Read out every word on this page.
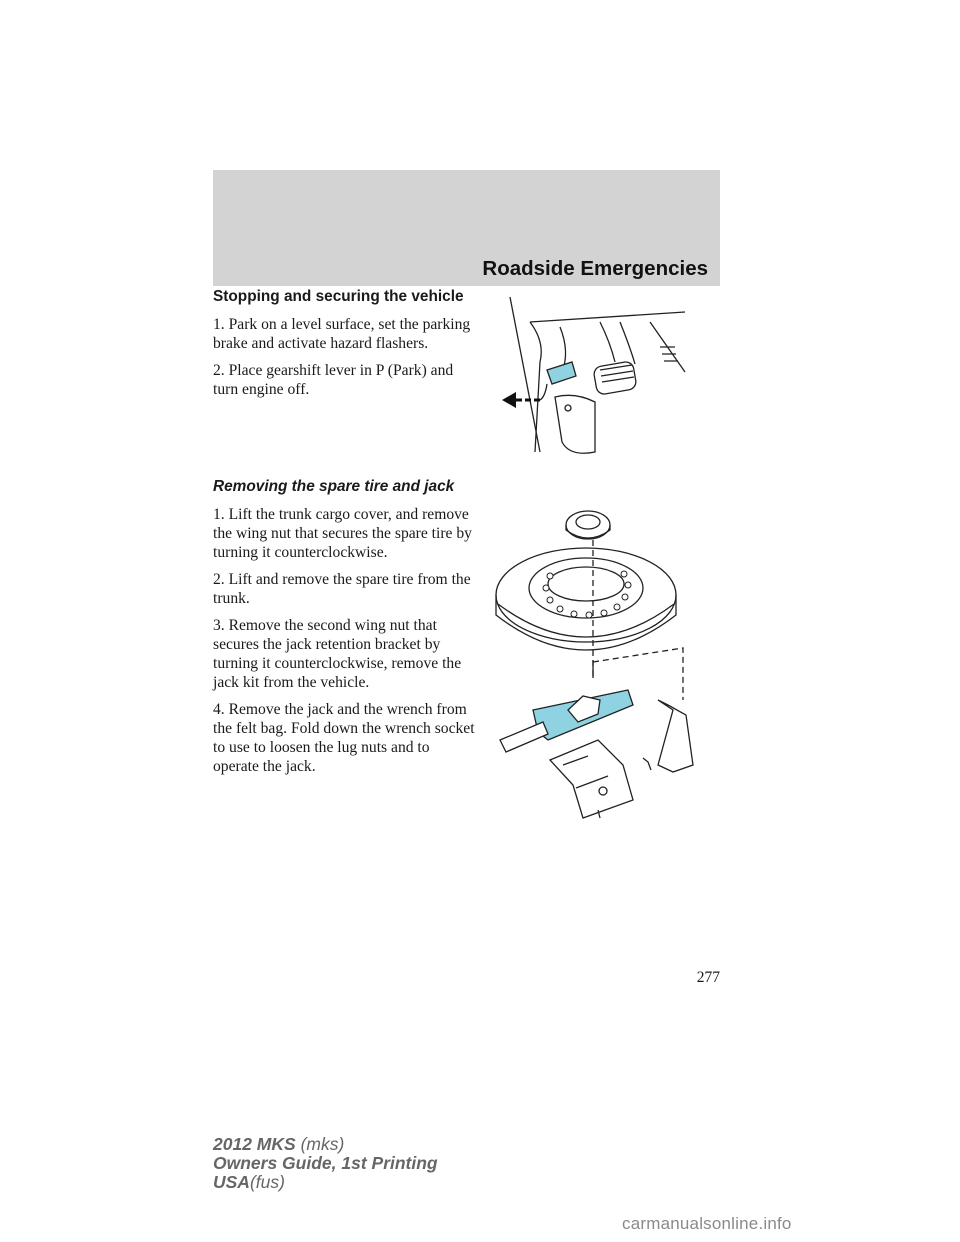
Roadside Emergencies
Stopping and securing the vehicle

1. Park on a level surface, set the parking brake and activate hazard flashers.

2. Place gearshift lever in P (Park) and turn engine off.

Removing the spare tire and jack

1. Lift the trunk cargo cover, and remove the wing nut that secures the spare tire by turning it counterclockwise.

2. Lift and remove the spare tire from the trunk.

3. Remove the second wing nut that secures the jack retention bracket by turning it counterclockwise, remove the jack kit from the vehicle.

4. Remove the jack and the wrench from the felt bag. Fold down the wrench socket to use to loosen the lug nuts and to operate the jack.

277
2012 MKS (mks)
Owners Guide, 1st Printing
USA(fus)
carmanualsonline.info
